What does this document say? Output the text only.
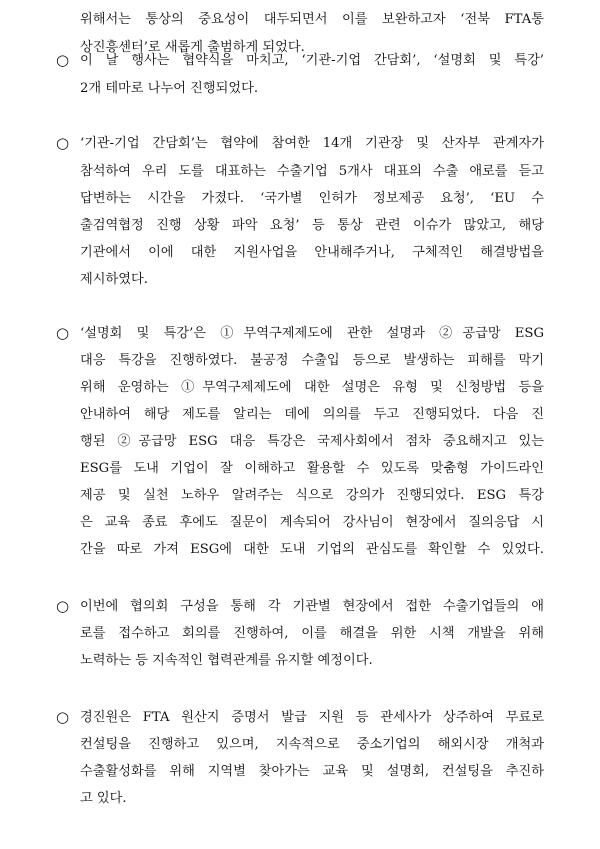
위해서는 통상의 중요성이 대두되면서 이를 보완하고자 ‘전북 FTA통
상진흥센터’로 새롭게 출범하게 되었다.
○ 이 날 행사는 협약식을 마치고, ‘기관-기업 간담회’, ‘설명회 및 특강’
2개 테마로 나누어 진행되었다.
○ ‘기관-기업 간담회’는 협약에 참여한 14개 기관장 및 산자부 관계자가
참석하여 우리 도를 대표하는 수출기업 5개사 대표의 수출 애로를 듣고
답변하는 시간을 가졌다. ‘국가별 인허가 정보제공 요청’, ‘EU 수
출검역협정 진행 상황 파악 요청’ 등 통상 관련 이슈가 많았고, 해당
기관에서 이에 대한 지원사업을 안내해주거나, 구체적인 해결방법을
제시하였다.
○ ‘설명회 및 특강’은 ①무역구제제도에 관한 설명과 ②공급망 ESG
대응 특강을 진행하였다. 불공정 수출입 등으로 발생하는 피해를 막기
위해 운영하는 ①무역구제제도에 대한 설명은 유형 및 신청방법 등을
안내하여 해당 제도를 알리는 데에 의의를 두고 진행되었다. 다음 진
행된 ②공급망 ESG 대응 특강은 국제사회에서 점차 중요해지고 있는
ESG를 도내 기업이 잘 이해하고 활용할 수 있도록 맞춤형 가이드라인
제공 및 실천 노하우 알려주는 식으로 강의가 진행되었다. ESG 특강
은 교육 종료 후에도 질문이 계속되어 강사님이 현장에서 질의응답 시
간을 따로 가져 ESG에 대한 도내 기업의 관심도를 확인할 수 있었다.
○ 이번에 협의회 구성을 통해 각 기관별 현장에서 접한 수출기업들의 애
로를 접수하고 회의를 진행하여, 이를 해결을 위한 시책 개발을 위해
노력하는 등 지속적인 협력관계를 유지할 예정이다.
○ 경진원은 FTA 원산지 증명서 발급 지원 등 관세사가 상주하여 무료로
컨설팅을 진행하고 있으며, 지속적으로 중소기업의 해외시장 개척과
수출활성화를 위해 지역별 찾아가는 교육 및 설명회, 컨설팅을 추진하
고 있다.
